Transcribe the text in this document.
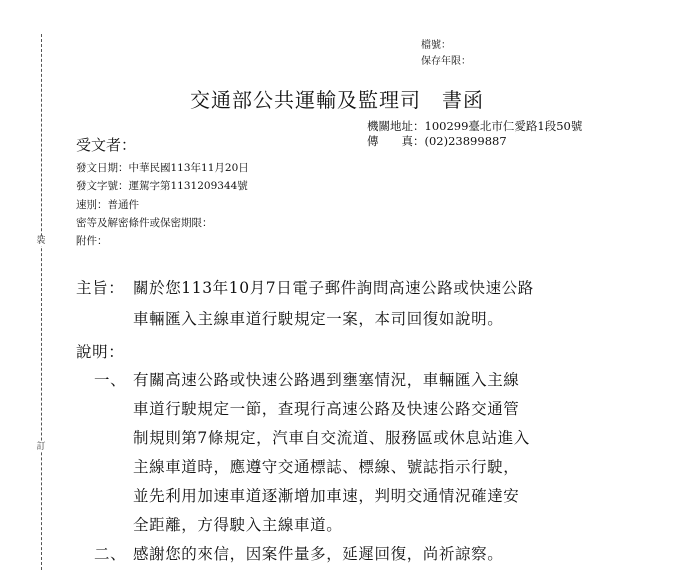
裝
訂
檔號：
保存年限：
交通部公共運輸及監理司　書函
機關地址：100299臺北市仁愛路1段50號
傳　　真：(02)23899887
受文者：
發文日期：中華民國113年11月20日
發文字號：運駕字第1131209344號
速別：普通件
密等及解密條件或保密期限：
附件：
主旨： 關於您113年10月7日電子郵件詢問高速公路或快速公路
車輛匯入主線車道行駛規定一案，本司回復如說明。
說明：
一、 有關高速公路或快速公路遇到壅塞情況，車輛匯入主線
車道行駛規定一節，查現行高速公路及快速公路交通管
制規則第7條規定，汽車自交流道、服務區或休息站進入
主線車道時，應遵守交通標誌、標線、號誌指示行駛，
並先利用加速車道逐漸增加車速，判明交通情況確達安
全距離，方得駛入主線車道。
二、 感謝您的來信，因案件量多，延遲回復，尚祈諒察。
